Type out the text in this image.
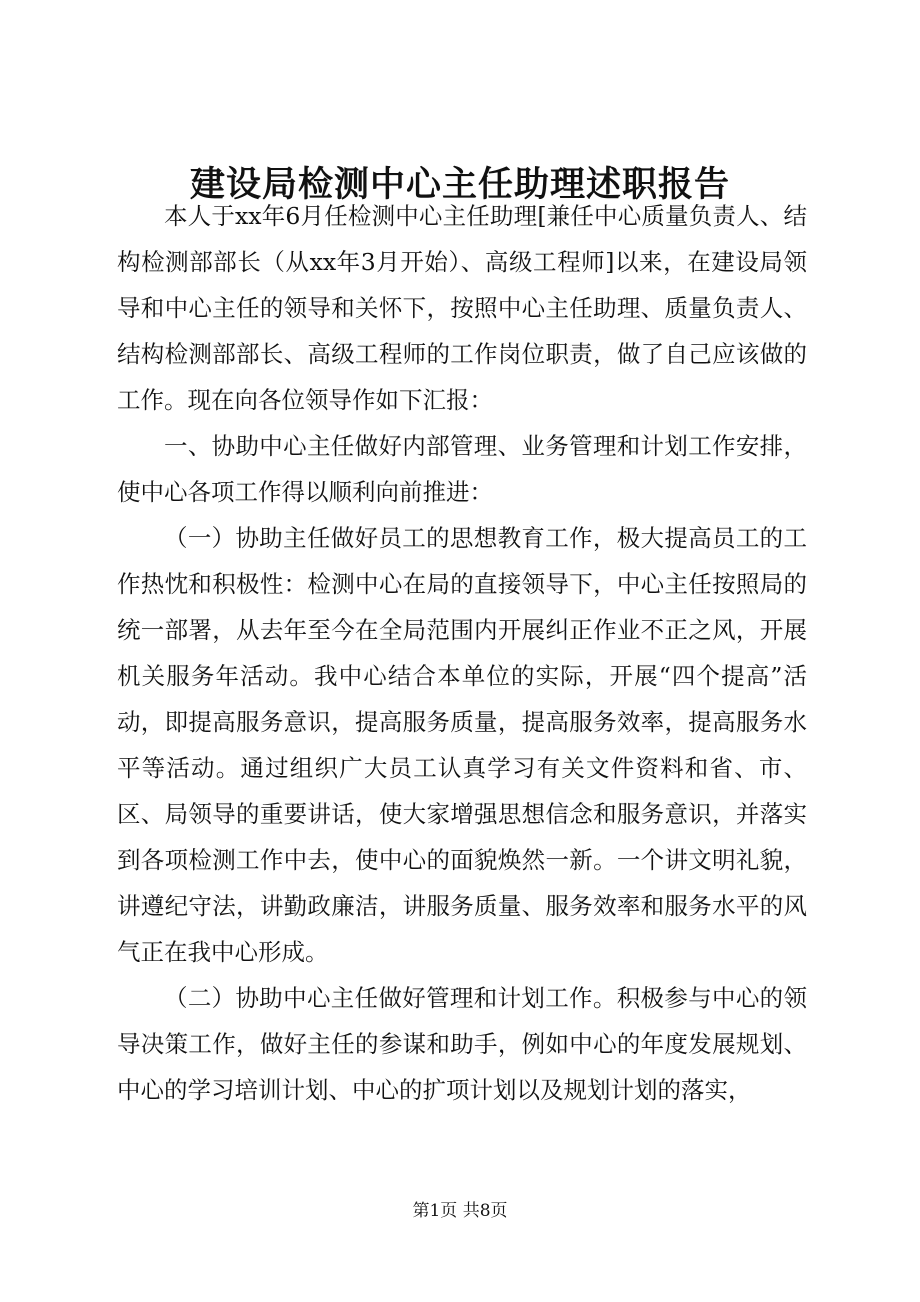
建设局检测中心主任助理述职报告

本人于xx年6月任检测中心主任助理[兼任中心质量负责人、结构检测部部长（从xx年3月开始）、高级工程师]以来，在建设局领导和中心主任的领导和关怀下，按照中心主任助理、质量负责人、结构检测部部长、高级工程师的工作岗位职责，做了自己应该做的工作。现在向各位领导作如下汇报：

一、协助中心主任做好内部管理、业务管理和计划工作安排，使中心各项工作得以顺利向前推进：

（一）协助主任做好员工的思想教育工作，极大提高员工的工作热忱和积极性：检测中心在局的直接领导下，中心主任按照局的统一部署，从去年至今在全局范围内开展纠正作业不正之风，开展机关服务年活动。我中心结合本单位的实际，开展“四个提高”活动，即提高服务意识，提高服务质量，提高服务效率，提高服务水平等活动。通过组织广大员工认真学习有关文件资料和省、市、区、局领导的重要讲话，使大家增强思想信念和服务意识，并落实到各项检测工作中去，使中心的面貌焕然一新。一个讲文明礼貌，讲遵纪守法，讲勤政廉洁，讲服务质量、服务效率和服务水平的风气正在我中心形成。

（二）协助中心主任做好管理和计划工作。积极参与中心的领导决策工作，做好主任的参谋和助手，例如中心的年度发展规划、中心的学习培训计划、中心的扩项计划以及规划计划的落实，

第1页 共8页
